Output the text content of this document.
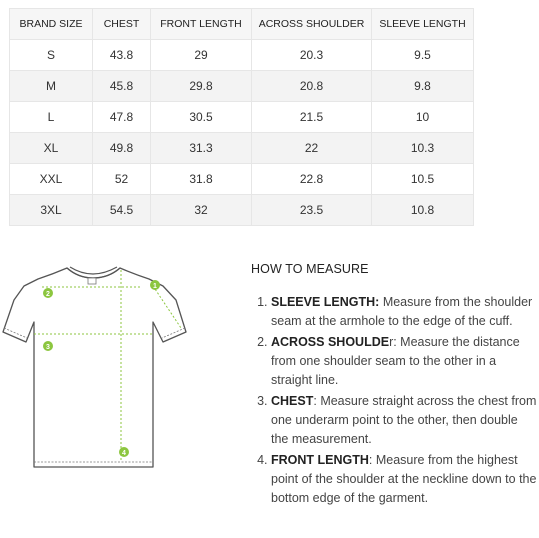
BRAND SIZE	CHEST	FRONT LENGTH	ACROSS SHOULDER	SLEEVE LENGTH
S	43.8	29	20.3	9.5
M	45.8	29.8	20.8	9.8
L	47.8	30.5	21.5	10
XL	49.8	31.3	22	10.3
XXL	52	31.8	22.8	10.5
3XL	54.5	32	23.5	10.8
1
2
3
4
HOW TO MEASURE
1. SLEEVE LENGTH: Measure from the shoulder seam at the armhole to the edge of the cuff.
2. ACROSS SHOULDEr: Measure the distance from one shoulder seam to the other in a straight line.
3. CHEST: Measure straight across the chest from one underarm point to the other, then double the measurement.
4. FRONT LENGTH: Measure from the highest point of the shoulder at the neckline down to the bottom edge of the garment.
